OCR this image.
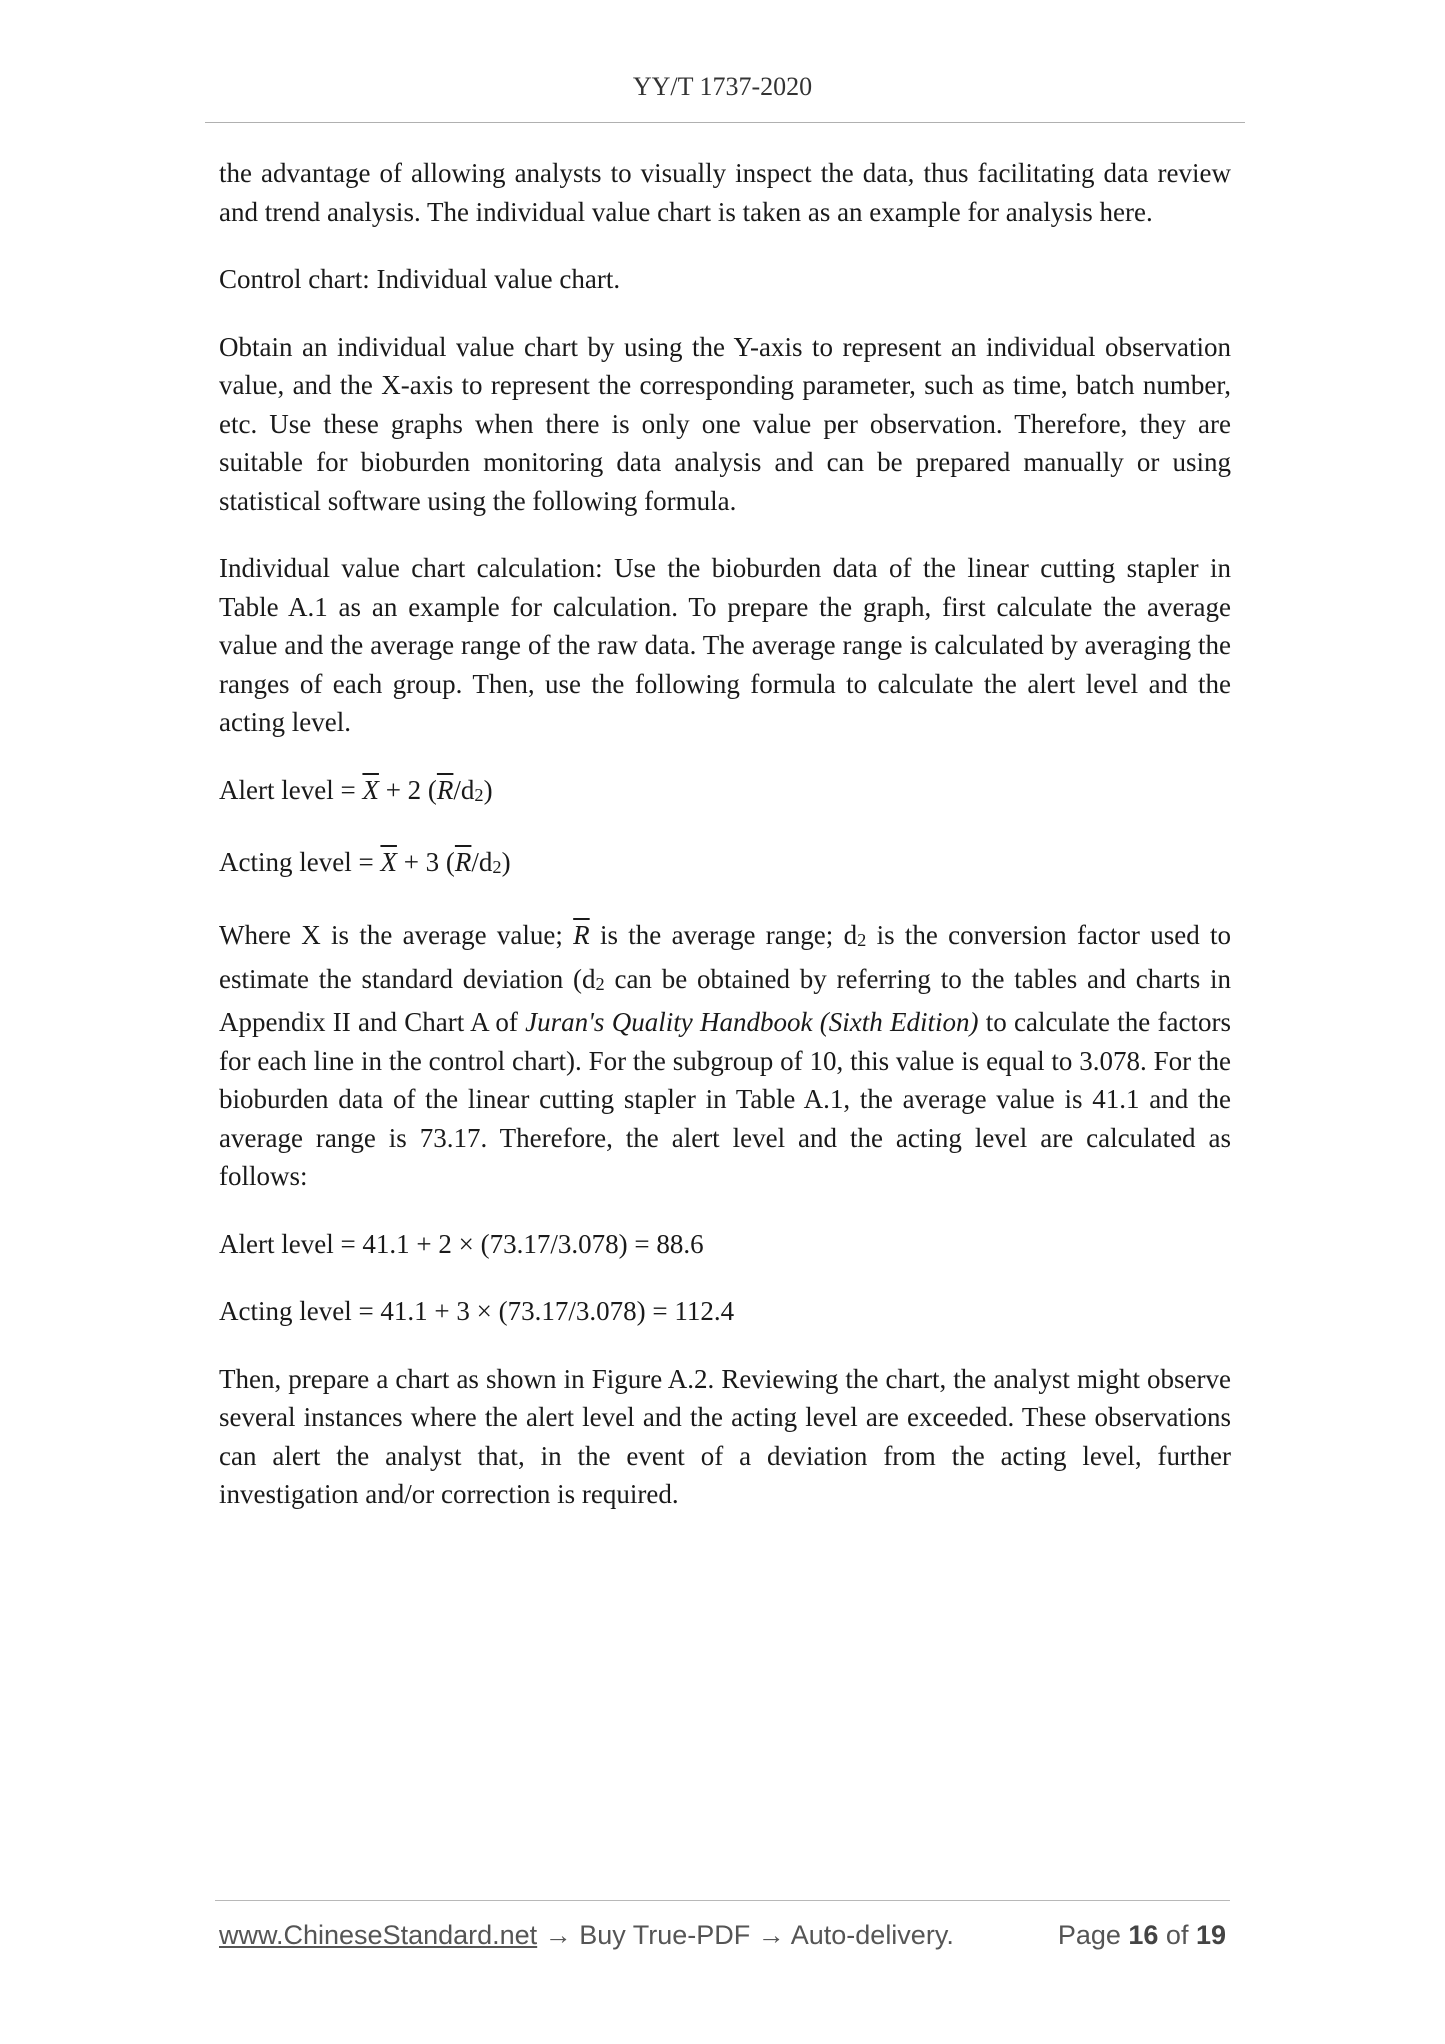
YY/T 1737-2020

the advantage of allowing analysts to visually inspect the data, thus facilitating data review and trend analysis. The individual value chart is taken as an example for analysis here.

Control chart: Individual value chart.

Obtain an individual value chart by using the Y-axis to represent an individual observation value, and the X-axis to represent the corresponding parameter, such as time, batch number, etc. Use these graphs when there is only one value per observation. Therefore, they are suitable for bioburden monitoring data analysis and can be prepared manually or using statistical software using the following formula.

Individual value chart calculation: Use the bioburden data of the linear cutting stapler in Table A.1 as an example for calculation. To prepare the graph, first calculate the average value and the average range of the raw data. The average range is calculated by averaging the ranges of each group. Then, use the following formula to calculate the alert level and the acting level.

Alert level = $\overline{X} + 2$ $(\overline{R}/d2)$

Acting level = $\overline{X} + 3$ $(\overline{R}/d2)$

Where X is the average value; $\overline{R}$ is the average range; d2 is the conversion factor used to estimate the standard deviation (d2 can be obtained by referring to the tables and charts in Appendix II and Chart A of Juran's Quality Handbook (Sixth Edition) to calculate the factors for each line in the control chart). For the subgroup of 10, this value is equal to 3.078. For the bioburden data of the linear cutting stapler in Table A.1, the average value is 41.1 and the average range is 73.17. Therefore, the alert level and the acting level are calculated as follows:

Alert level = 41.1 + 2 × (73.17/3.078) = 88.6

Acting level = 41.1 + 3 × (73.17/3.078) = 112.4

Then, prepare a chart as shown in Figure A.2. Reviewing the chart, the analyst might observe several instances where the alert level and the acting level are exceeded. These observations can alert the analyst that, in the event of a deviation from the acting level, further investigation and/or correction is required.

www.ChineseStandard.net → Buy True-PDF → Auto-delivery.	Page 16 of 19
